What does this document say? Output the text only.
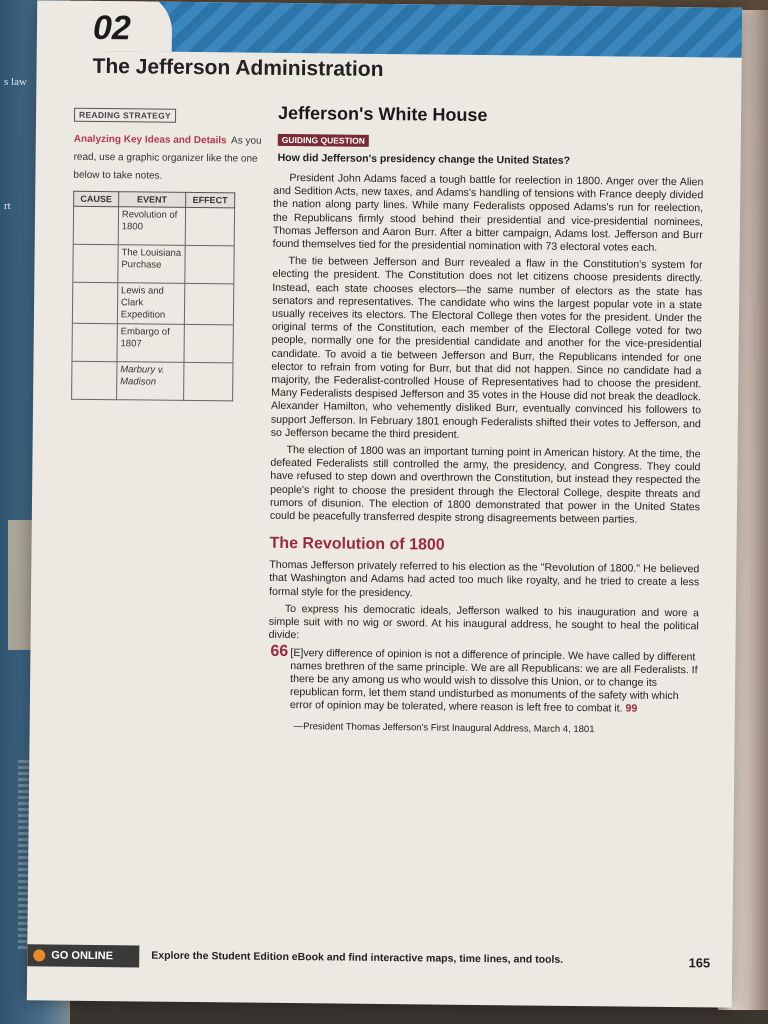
s law
rt
02
The Jefferson Administration
READING STRATEGY
Analyzing Key Ideas and Details As you read, use a graphic organizer like the one below to take notes.
CAUSE	EVENT	EFFECT
	Revolution of 1800	
	The Louisiana Purchase	
	Lewis and Clark Expedition	
	Embargo of 1807	
	Marbury v. Madison	
Jefferson's White House
GUIDING QUESTION
How did Jefferson's presidency change the United States?

President John Adams faced a tough battle for reelection in 1800. Anger over the Alien and Sedition Acts, new taxes, and Adams's handling of tensions with France deeply divided the nation along party lines. While many Federalists opposed Adams's run for reelection, the Republicans firmly stood behind their presidential and vice-presidential nominees, Thomas Jefferson and Aaron Burr. After a bitter campaign, Adams lost. Jefferson and Burr found themselves tied for the presidential nomination with 73 electoral votes each.

The tie between Jefferson and Burr revealed a flaw in the Constitution's system for electing the president. The Constitution does not let citizens choose presidents directly. Instead, each state chooses electors—the same number of electors as the state has senators and representatives. The candidate who wins the largest popular vote in a state usually receives its electors. The Electoral College then votes for the president. Under the original terms of the Constitution, each member of the Electoral College voted for two people, normally one for the presidential candidate and another for the vice-presidential candidate. To avoid a tie between Jefferson and Burr, the Republicans intended for one elector to refrain from voting for Burr, but that did not happen. Since no candidate had a majority, the Federalist-controlled House of Representatives had to choose the president. Many Federalists despised Jefferson and 35 votes in the House did not break the deadlock. Alexander Hamilton, who vehemently disliked Burr, eventually convinced his followers to support Jefferson. In February 1801 enough Federalists shifted their votes to Jefferson, and so Jefferson became the third president.

The election of 1800 was an important turning point in American history. At the time, the defeated Federalists still controlled the army, the presidency, and Congress. They could have refused to step down and overthrown the Constitution, but instead they respected the people's right to choose the president through the Electoral College, despite threats and rumors of disunion. The election of 1800 demonstrated that power in the United States could be peacefully transferred despite strong disagreements between parties.

The Revolution of 1800

Thomas Jefferson privately referred to his election as the "Revolution of 1800." He believed that Washington and Adams had acted too much like royalty, and he tried to create a less formal style for the presidency.

To express his democratic ideals, Jefferson walked to his inauguration and wore a simple suit with no wig or sword. At his inaugural address, he sought to heal the political divide:

66 [E]very difference of opinion is not a difference of principle. We have called by different names brethren of the same principle. We are all Republicans: we are all Federalists. If there be any among us who would wish to dissolve this Union, or to change its republican form, let them stand undisturbed as monuments of the safety with which error of opinion may be tolerated, where reason is left free to combat it. 99
—President Thomas Jefferson's First Inaugural Address, March 4, 1801
GO ONLINE	Explore the Student Edition eBook and find interactive maps, time lines, and tools.	165
